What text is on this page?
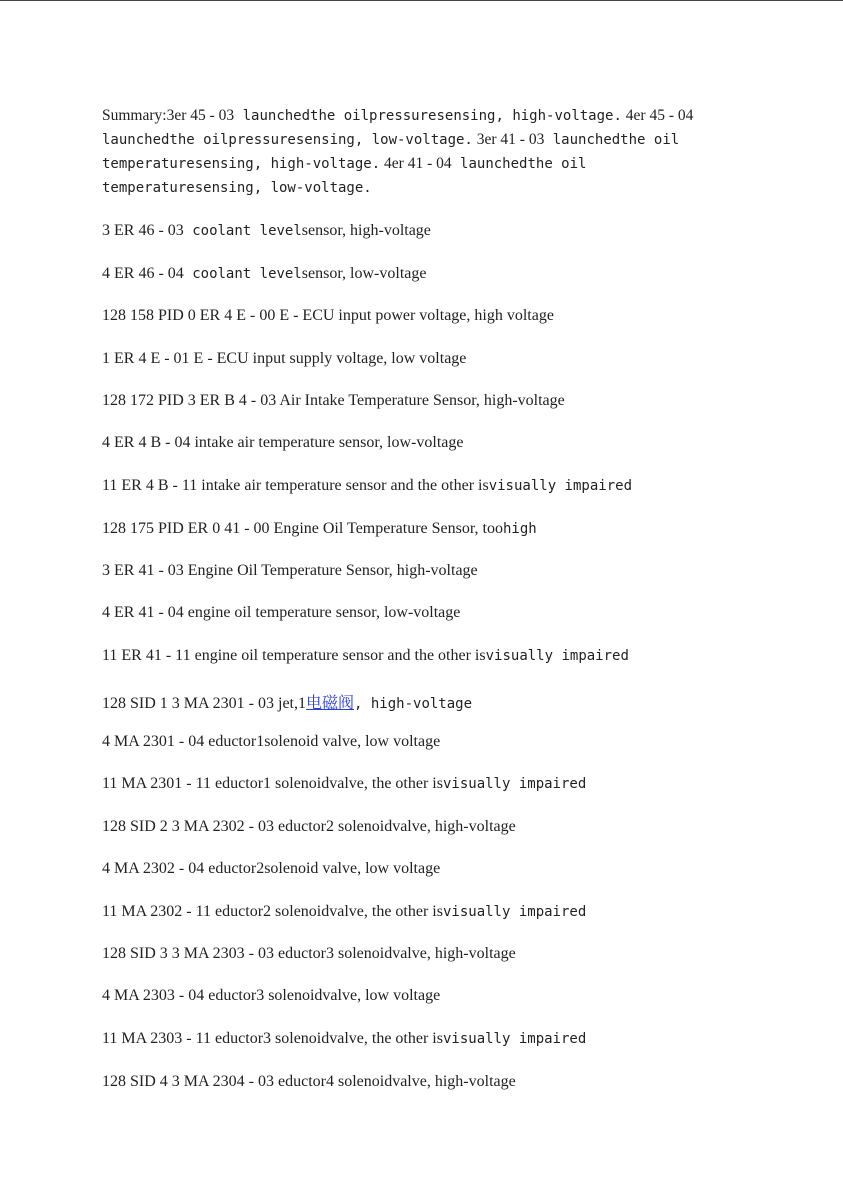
Summary:3er 45 - 03 launchedthe oilpressuresensing, high-voltage. 4er 45 - 04 launchedthe oilpressuresensing, low-voltage. 3er 41 - 03 launchedthe oil temperaturesensing, high-voltage. 4er 41 - 04 launchedthe oil temperaturesensing, low-voltage.

3 ER 46 - 03 coolant levelsensor, high-voltage

4 ER 46 - 04 coolant levelsensor, low-voltage

128 158 PID 0 ER 4 E - 00 E - ECU input power voltage, high voltage

1 ER 4 E - 01 E - ECU input supply voltage, low voltage

128 172 PID 3 ER B 4 - 03 Air Intake Temperature Sensor, high-voltage

4 ER 4 B - 04 intake air temperature sensor, low-voltage

11 ER 4 B - 11 intake air temperature sensor and the other isvisually impaired

128 175 PID ER 0 41 - 00 Engine Oil Temperature Sensor, toohigh

3 ER 41 - 03 Engine Oil Temperature Sensor, high-voltage

4 ER 41 - 04 engine oil temperature sensor, low-voltage

11 ER 41 - 11 engine oil temperature sensor and the other isvisually impaired

128 SID 1 3 MA 2301 - 03 jet,1电磁阀, high-voltage

4 MA 2301 - 04 eductor1solenoid valve, low voltage

11 MA 2301 - 11 eductor1 solenoidvalve, the other isvisually impaired

128 SID 2 3 MA 2302 - 03 eductor2 solenoidvalve, high-voltage

4 MA 2302 - 04 eductor2solenoid valve, low voltage

11 MA 2302 - 11 eductor2 solenoidvalve, the other isvisually impaired

128 SID 3 3 MA 2303 - 03 eductor3 solenoidvalve, high-voltage

4 MA 2303 - 04 eductor3 solenoidvalve, low voltage

11 MA 2303 - 11 eductor3 solenoidvalve, the other isvisually impaired

128 SID 4 3 MA 2304 - 03 eductor4 solenoidvalve, high-voltage
